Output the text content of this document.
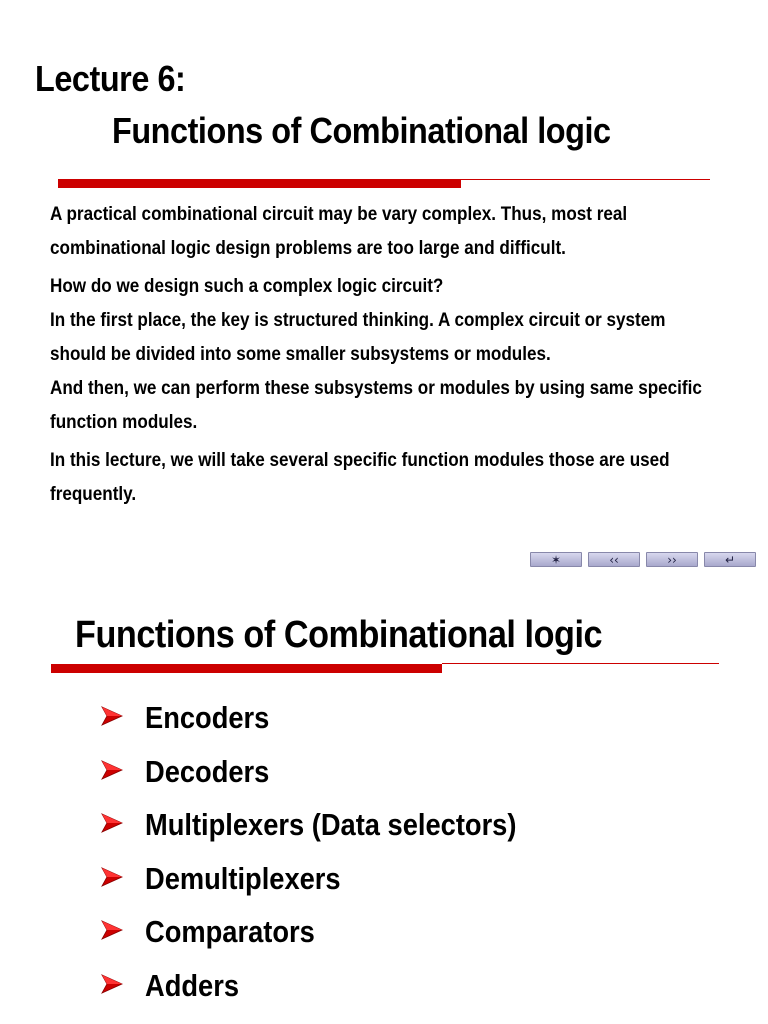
Lecture 6:
Functions of Combinational logic

A practical combinational circuit may be vary complex. Thus, most real combinational logic design problems are too large and difficult.

How do we design such a complex logic circuit?

In the first place, the key is structured thinking. A complex circuit or system should be divided into some smaller subsystems or modules.

And then, we can perform these subsystems or modules by using same specific function modules.

In this lecture, we will take several specific function modules those are used frequently.

✶	‹‹	››	↵
Functions of Combinational logic
Encoders
Decoders
Multiplexers (Data selectors)
Demultiplexers
Comparators
Adders
